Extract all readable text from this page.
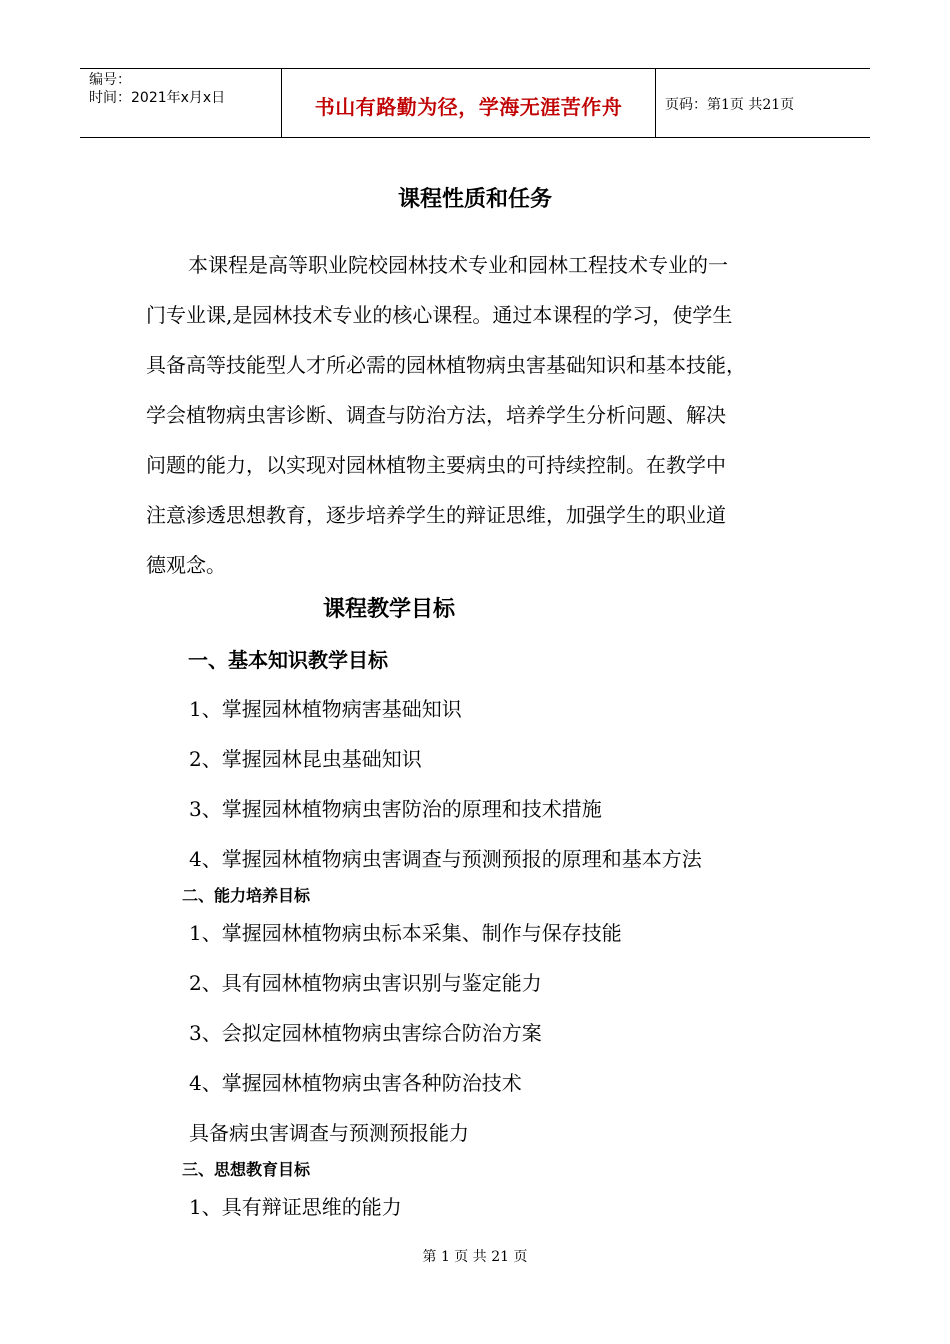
编号：
时间：2021年x月x日	书山有路勤为径，学海无涯苦作舟	页码：第1页 共21页
课程性质和任务
本课程是高等职业院校园林技术专业和园林工程技术专业的一
门专业课,是园林技术专业的核心课程。通过本课程的学习，使学生
具备高等技能型人才所必需的园林植物病虫害基础知识和基本技能，
学会植物病虫害诊断、调查与防治方法，培养学生分析问题、解决
问题的能力，以实现对园林植物主要病虫的可持续控制。在教学中
注意渗透思想教育，逐步培养学生的辩证思维，加强学生的职业道
德观念。
课程教学目标
一、基本知识教学目标
1、掌握园林植物病害基础知识
2、掌握园林昆虫基础知识
3、掌握园林植物病虫害防治的原理和技术措施
4、掌握园林植物病虫害调查与预测预报的原理和基本方法
二、能力培养目标
1、掌握园林植物病虫标本采集、制作与保存技能
2、具有园林植物病虫害识别与鉴定能力
3、会拟定园林植物病虫害综合防治方案
4、掌握园林植物病虫害各种防治技术
具备病虫害调查与预测预报能力
三、思想教育目标
1、具有辩证思维的能力
第 1 页 共 21 页
